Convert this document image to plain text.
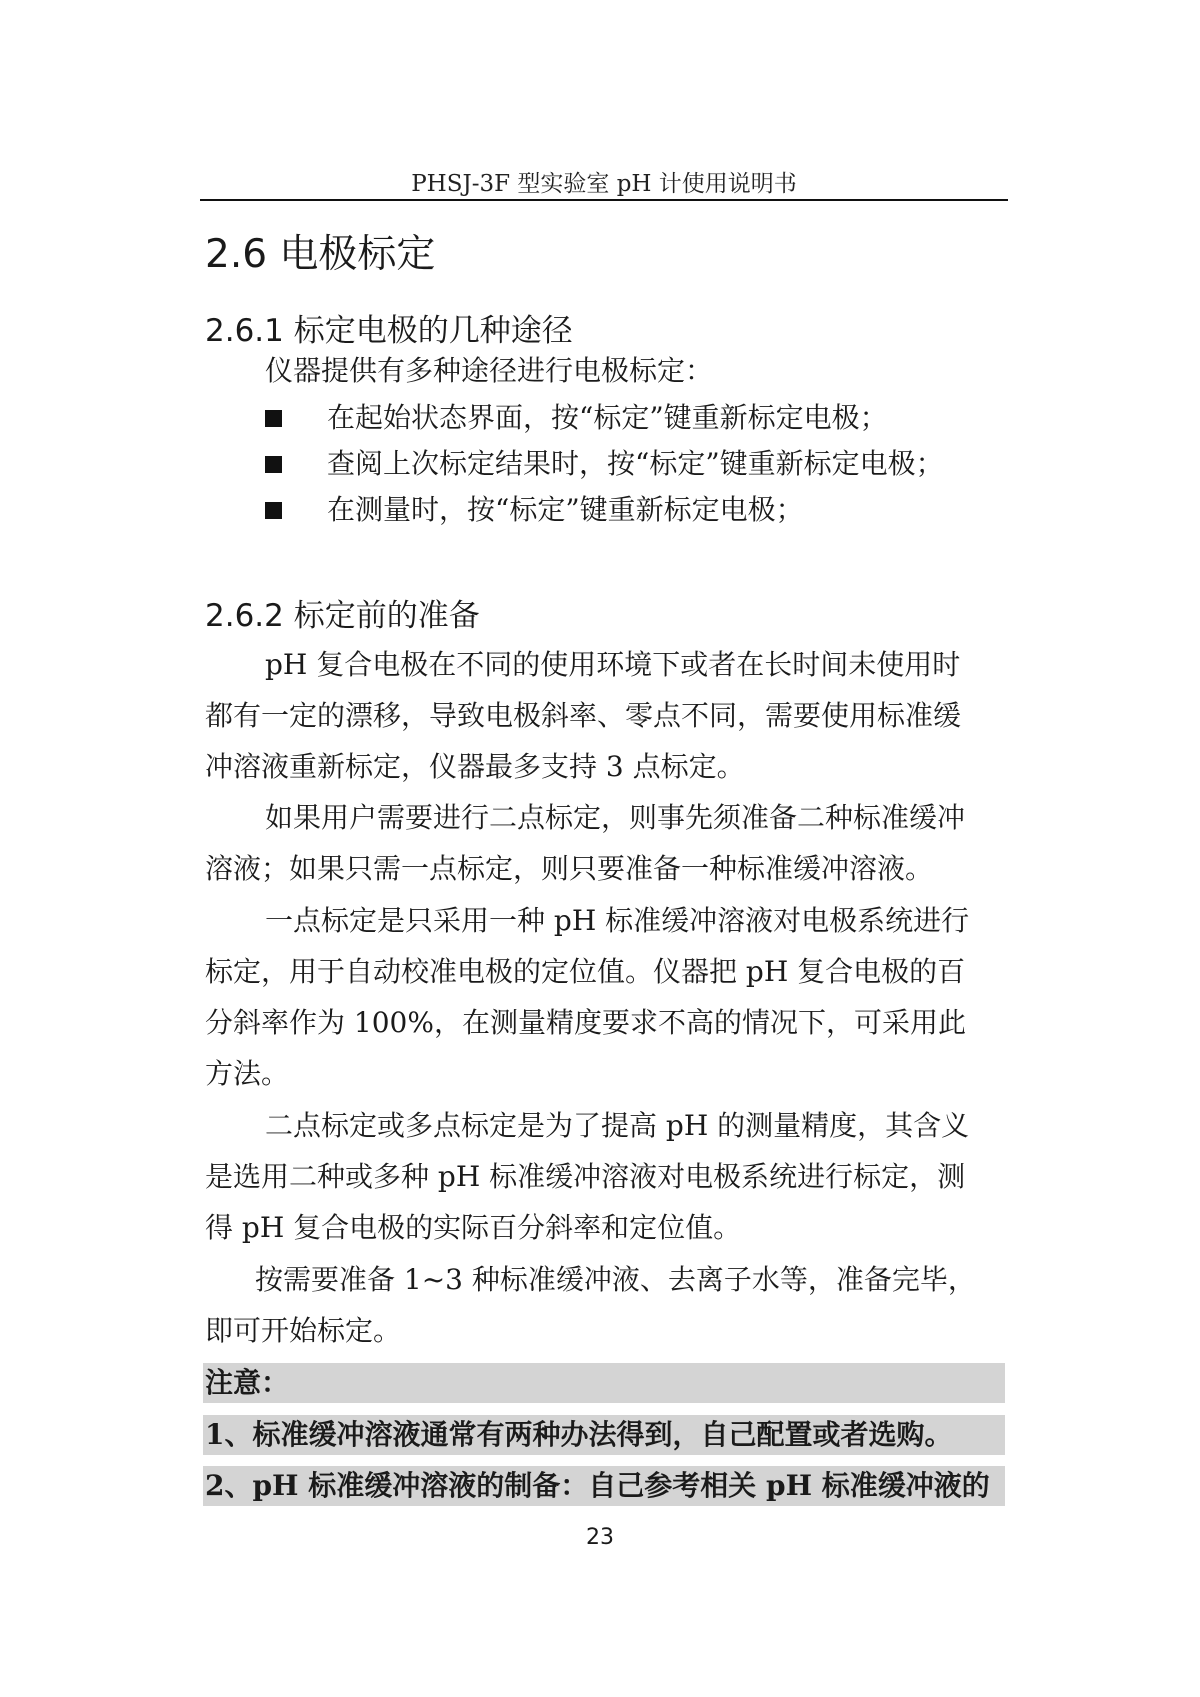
PHSJ-3F 型实验室 pH 计使用说明书
2.6 电极标定
2.6.1 标定电极的几种途径
仪器提供有多种途径进行电极标定：
在起始状态界面，按“标定”键重新标定电极；
查阅上次标定结果时，按“标定”键重新标定电极；
在测量时，按“标定”键重新标定电极；
2.6.2 标定前的准备
pH 复合电极在不同的使用环境下或者在长时间未使用时
都有一定的漂移，导致电极斜率、零点不同，需要使用标准缓
冲溶液重新标定，仪器最多支持 3 点标定。
如果用户需要进行二点标定，则事先须准备二种标准缓冲
溶液；如果只需一点标定，则只要准备一种标准缓冲溶液。
一点标定是只采用一种 pH 标准缓冲溶液对电极系统进行
标定，用于自动校准电极的定位值。仪器把 pH 复合电极的百
分斜率作为 100%，在测量精度要求不高的情况下，可采用此
方法。
二点标定或多点标定是为了提高 pH 的测量精度，其含义
是选用二种或多种 pH 标准缓冲溶液对电极系统进行标定，测
得 pH 复合电极的实际百分斜率和定位值。
按需要准备 1~3 种标准缓冲液、去离子水等，准备完毕，
即可开始标定。
注意：
1、标准缓冲溶液通常有两种办法得到，自己配置或者选购。
2、pH 标准缓冲溶液的制备：自己参考相关 pH 标准缓冲液的
23
